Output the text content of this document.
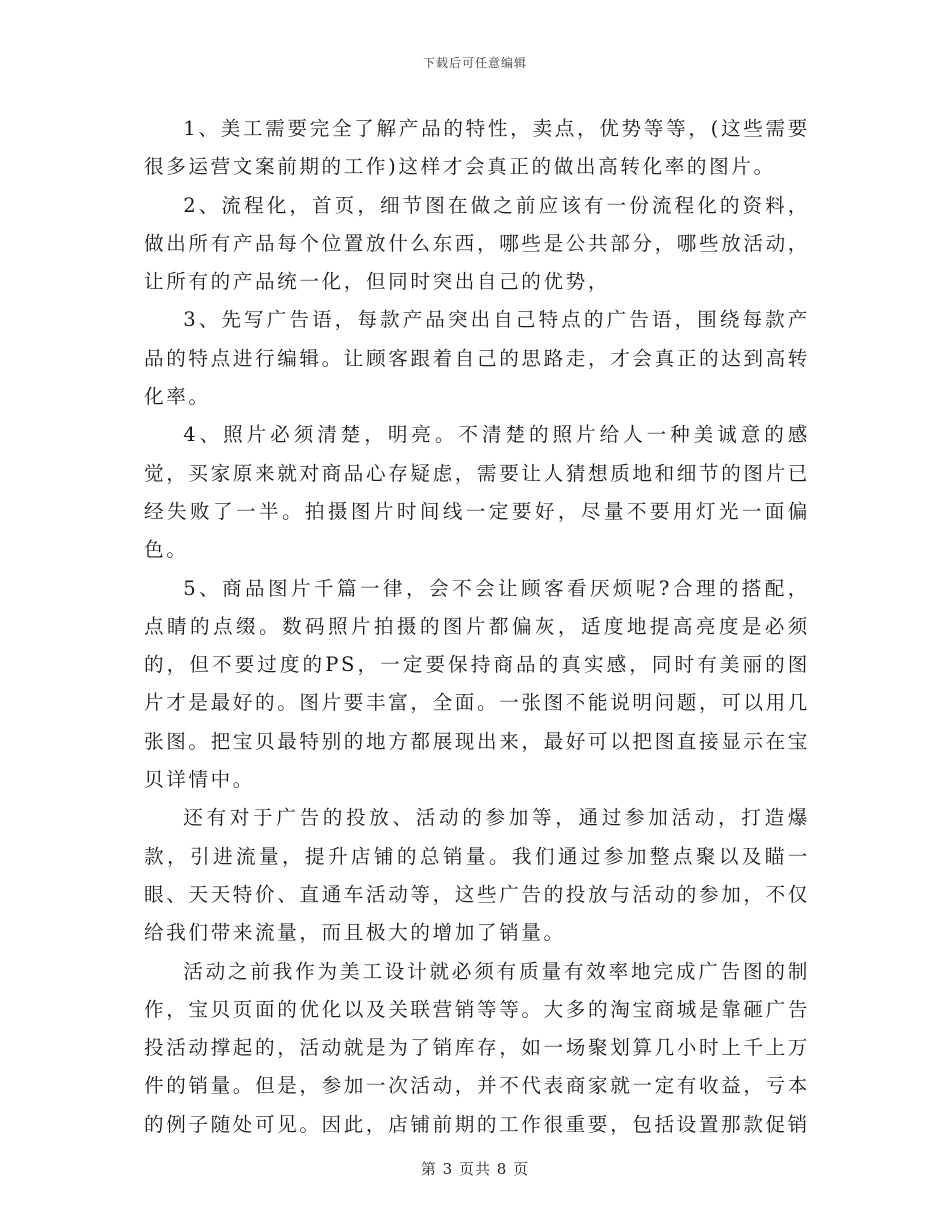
下载后可任意编辑

1、美工需要完全了解产品的特性，卖点，优势等等，(这些需要很多运营文案前期的工作)这样才会真正的做出高转化率的图片。

2、流程化，首页，细节图在做之前应该有一份流程化的资料，做出所有产品每个位置放什么东西，哪些是公共部分，哪些放活动，让所有的产品统一化，但同时突出自己的优势，

3、先写广告语，每款产品突出自己特点的广告语，围绕每款产品的特点进行编辑。让顾客跟着自己的思路走，才会真正的达到高转化率。

4、照片必须清楚，明亮。不清楚的照片给人一种美诚意的感觉，买家原来就对商品心存疑虑，需要让人猜想质地和细节的图片已经失败了一半。拍摄图片时间线一定要好，尽量不要用灯光一面偏色。

5、商品图片千篇一律，会不会让顾客看厌烦呢?合理的搭配，点睛的点缀。数码照片拍摄的图片都偏灰，适度地提高亮度是必须的，但不要过度的PS，一定要保持商品的真实感，同时有美丽的图片才是最好的。图片要丰富，全面。一张图不能说明问题，可以用几张图。把宝贝最特别的地方都展现出来，最好可以把图直接显示在宝贝详情中。

还有对于广告的投放、活动的参加等，通过参加活动，打造爆款，引进流量，提升店铺的总销量。我们通过参加整点聚以及瞄一眼、天天特价、直通车活动等，这些广告的投放与活动的参加，不仅给我们带来流量，而且极大的增加了销量。

活动之前我作为美工设计就必须有质量有效率地完成广告图的制作，宝贝页面的优化以及关联营销等等。大多的淘宝商城是靠砸广告投活动撑起的，活动就是为了销库存，如一场聚划算几小时上千上万件的销量。但是，参加一次活动，并不代表商家就一定有收益，亏本的例子随处可见。因此，店铺前期的工作很重要，包括设置那款促销

第 3 页共 8 页
